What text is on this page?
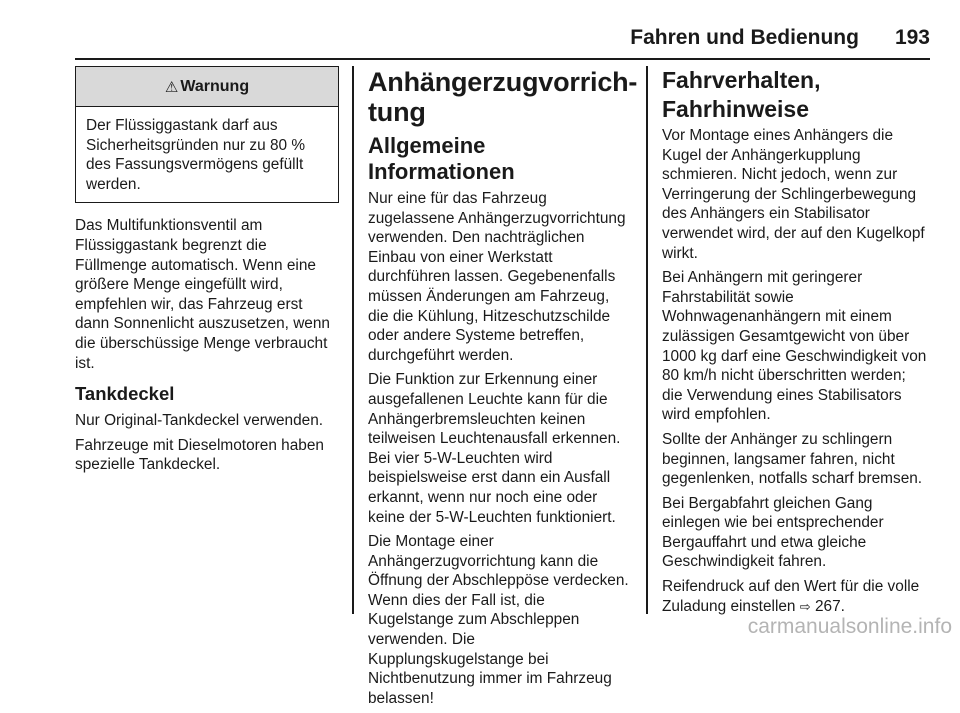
Fahren und Bedienung 193
⚠ Warnung

Der Flüssiggastank darf aus Sicherheitsgründen nur zu 80 % des Fassungsvermögens gefüllt werden.

Das Multifunktionsventil am Flüssiggastank begrenzt die Füllmenge automatisch. Wenn eine größere Menge eingefüllt wird, empfehlen wir, das Fahrzeug erst dann Sonnenlicht auszusetzen, wenn die überschüssige Menge verbraucht ist.

Tankdeckel

Nur Original-Tankdeckel verwenden.

Fahrzeuge mit Dieselmotoren haben spezielle Tankdeckel.

Anhängerzugvorrich-
tung
Allgemeine Informationen

Nur eine für das Fahrzeug zugelassene Anhängerzugvorrichtung verwenden. Den nachträglichen Einbau von einer Werkstatt durchführen lassen. Gegebenenfalls müssen Änderungen am Fahrzeug, die die Kühlung, Hitzeschutzschilde oder andere Systeme betreffen, durchgeführt werden.

Die Funktion zur Erkennung einer ausgefallenen Leuchte kann für die Anhängerbremsleuchten keinen teilweisen Leuchtenausfall erkennen. Bei vier 5-W-Leuchten wird beispielsweise erst dann ein Ausfall erkannt, wenn nur noch eine oder keine der 5-W-Leuchten funktioniert.

Die Montage einer Anhängerzugvorrichtung kann die Öffnung der Abschleppöse verdecken. Wenn dies der Fall ist, die Kugelstange zum Abschleppen verwenden. Die Kupplungskugelstange bei Nichtbenutzung immer im Fahrzeug belassen!

Fahrverhalten,
Fahrhinweise

Vor Montage eines Anhängers die Kugel der Anhängerkupplung schmieren. Nicht jedoch, wenn zur Verringerung der Schlingerbewegung des Anhängers ein Stabilisator verwendet wird, der auf den Kugelkopf wirkt.

Bei Anhängern mit geringerer Fahrstabilität sowie Wohnwagenanhängern mit einem zulässigen Gesamtgewicht von über 1000 kg darf eine Geschwindigkeit von 80 km/h nicht überschritten werden; die Verwendung eines Stabilisators wird empfohlen.

Sollte der Anhänger zu schlingern beginnen, langsamer fahren, nicht gegenlenken, notfalls scharf bremsen.

Bei Bergabfahrt gleichen Gang einlegen wie bei entsprechender Bergauffahrt und etwa gleiche Geschwindigkeit fahren.

Reifendruck auf den Wert für die volle Zuladung einstellen ⇨ 267.

carmanualsonline.info
